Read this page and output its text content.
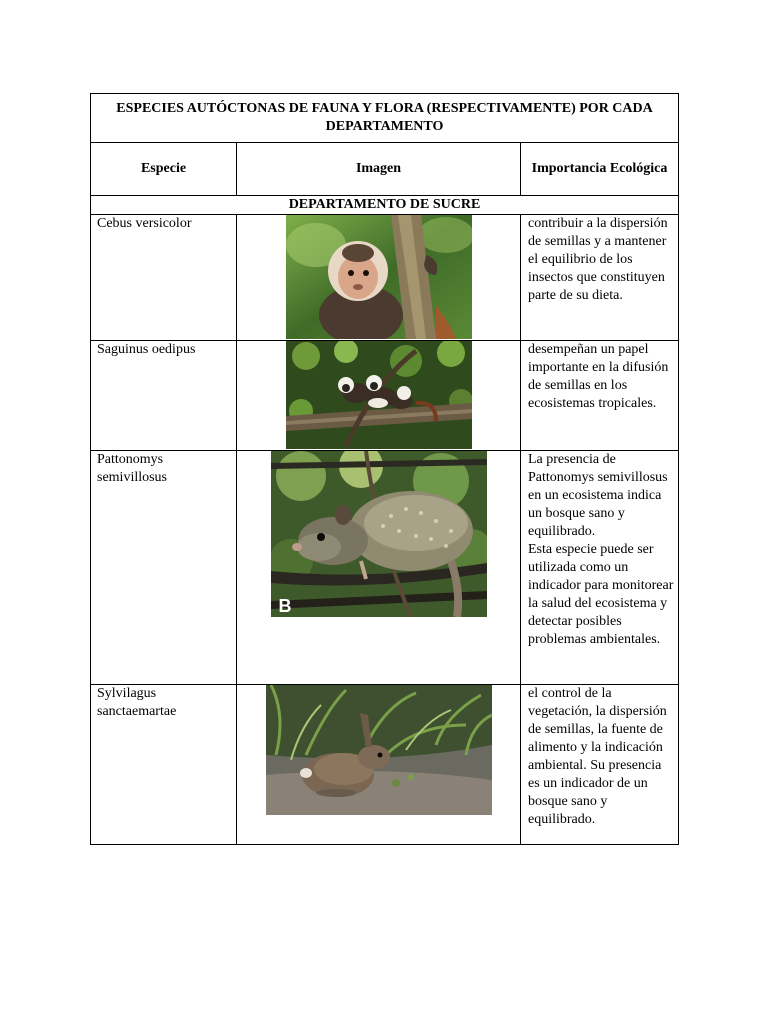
ESPECIES AUTÓCTONAS DE FAUNA Y FLORA (RESPECTIVAMENTE) POR CADA DEPARTAMENTO		
Especie	Imagen	Importancia Ecológica
DEPARTAMENTO DE SUCRE		
Cebus versicolor		contribuir a la dispersión de semillas y a mantener el equilibrio de los insectos que constituyen parte de su dieta.
Saguinus oedipus		desempeñan un papel importante en la difusión de semillas en los ecosistemas tropicales.
Pattonomys semivillosus	B	La presencia de Pattonomys semivillosus en un ecosistema indica un bosque sano y equilibrado.
Esta especie puede ser utilizada como un indicador para monitorear la salud del ecosistema y detectar posibles problemas ambientales.

Sylvilagus sanctaemartae		el control de la vegetación, la dispersión de semillas, la fuente de alimento y la indicación ambiental. Su presencia es un indicador de un bosque sano y equilibrado.
